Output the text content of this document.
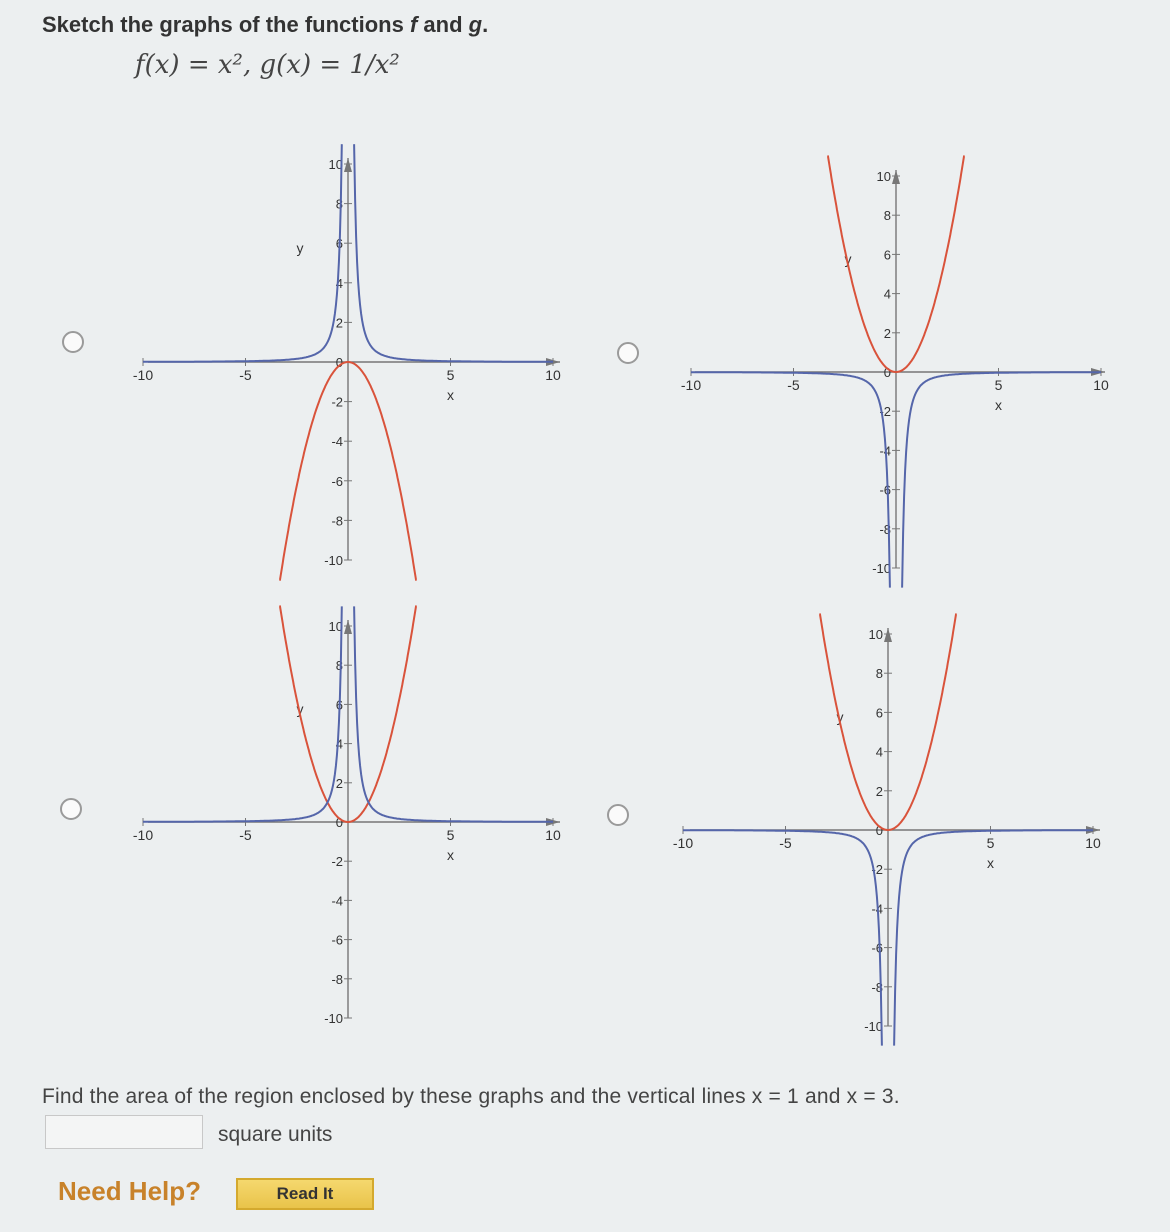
Sketch the graphs of the functions f and g.
f(x) = x², g(x) = 1/x²
-10	-5	5	10
10
8
6
4
2
0
-2
-4
-6
-8
-10
x
y
-10	-5	5	10
10
8
6
4
2
0
-2
-4
-6
-8
-10
x
y
-10	-5	5	10
10
8
6
4
2
0
-2
-4
-6
-8
-10
x
y
-10	-5	5	10
10
8
6
4
2
0
-2
-4
-6
-8
-10
x
y
Find the area of the region enclosed by these graphs and the vertical lines x = 1 and x = 3.
square units
Need Help?	Read It
